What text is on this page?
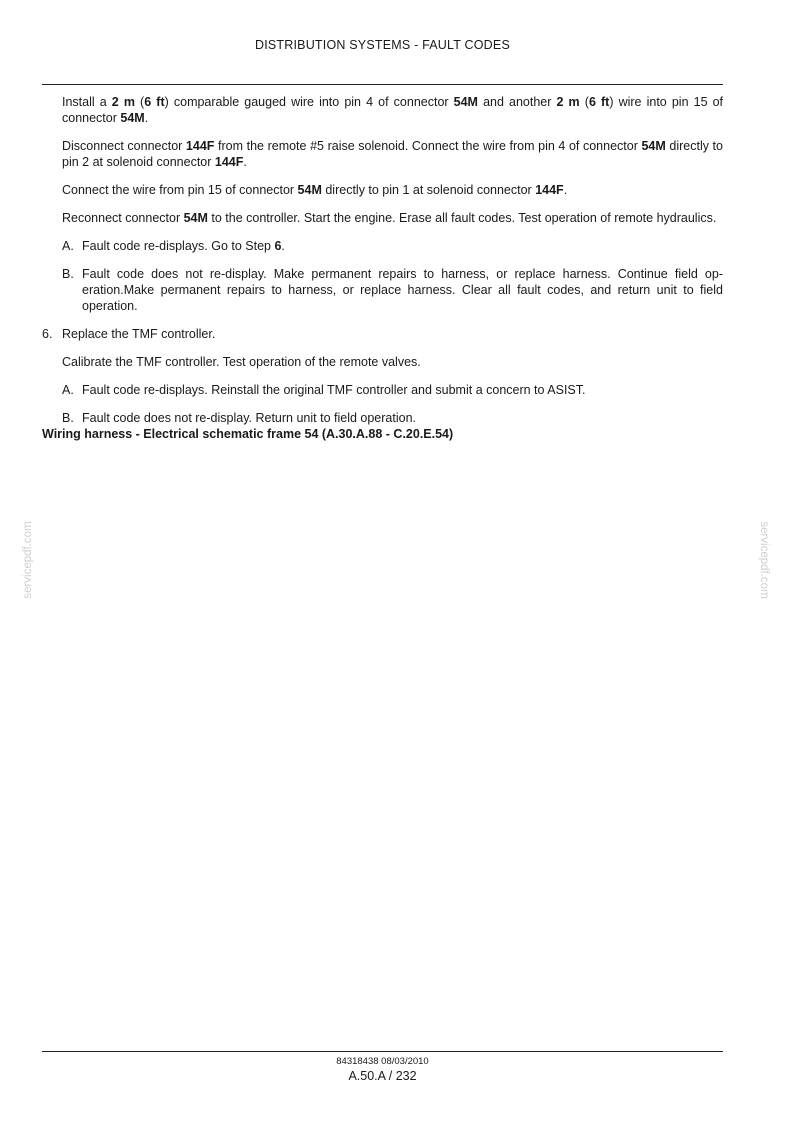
DISTRIBUTION SYSTEMS - FAULT CODES

Install a 2 m (6 ft) comparable gauged wire into pin 4 of connector 54M and another 2 m (6 ft) wire into pin 15 of connector 54M.

Disconnect connector 144F from the remote #5 raise solenoid. Connect the wire from pin 4 of connector 54M directly to pin 2 at solenoid connector 144F.

Connect the wire from pin 15 of connector 54M directly to pin 1 at solenoid connector 144F.

Reconnect connector 54M to the controller. Start the engine. Erase all fault codes. Test operation of remote hydraulics.

A. Fault code re-displays. Go to Step 6.

B. Fault code does not re-display. Make permanent repairs to harness, or replace harness. Continue field op-eration.Make permanent repairs to harness, or replace harness. Clear all fault codes, and return unit to field operation.

6. Replace the TMF controller.

Calibrate the TMF controller. Test operation of the remote valves.

A. Fault code re-displays. Reinstall the original TMF controller and submit a concern to ASIST.

B. Fault code does not re-display. Return unit to field operation.

Wiring harness - Electrical schematic frame 54 (A.30.A.88 - C.20.E.54)

servicepdf.com	servicepdf.com
84318438 08/03/2010
A.50.A / 232
